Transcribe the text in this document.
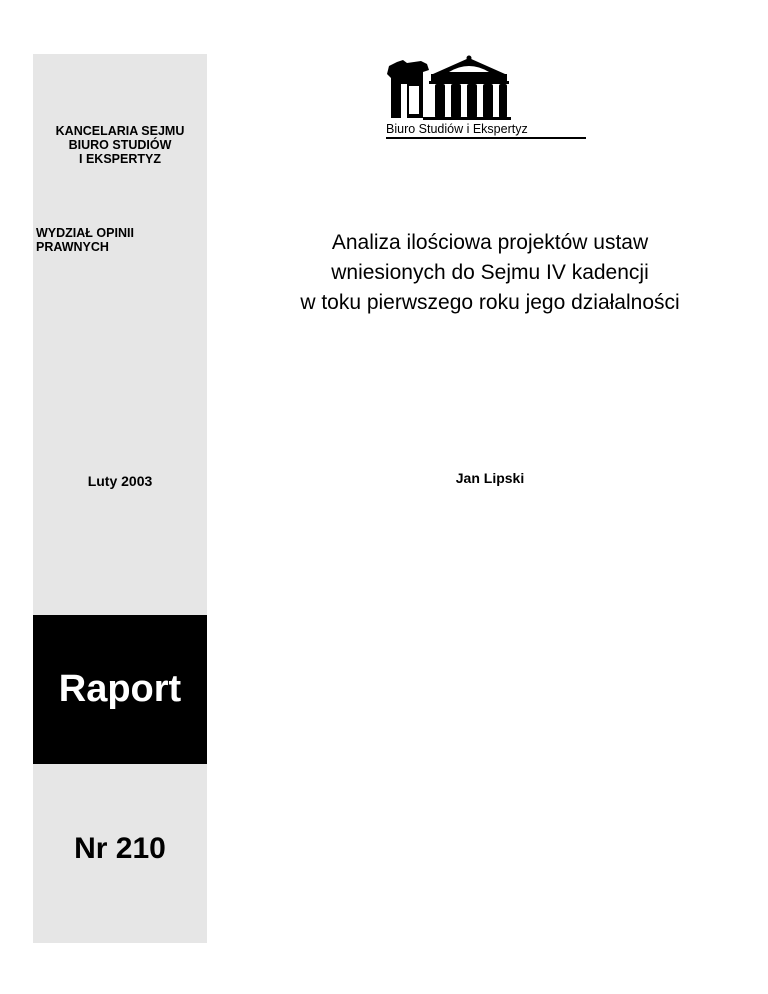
KANCELARIA SEJMU
BIURO STUDIÓW
I EKSPERTYZ
WYDZIAŁ OPINII
PRAWNYCH
Luty 2003
Raport
Nr 210
Biuro Studiów i Ekspertyz
Analiza ilościowa projektów ustaw
wniesionych do Sejmu IV kadencji
w toku pierwszego roku jego działalności
Jan Lipski
